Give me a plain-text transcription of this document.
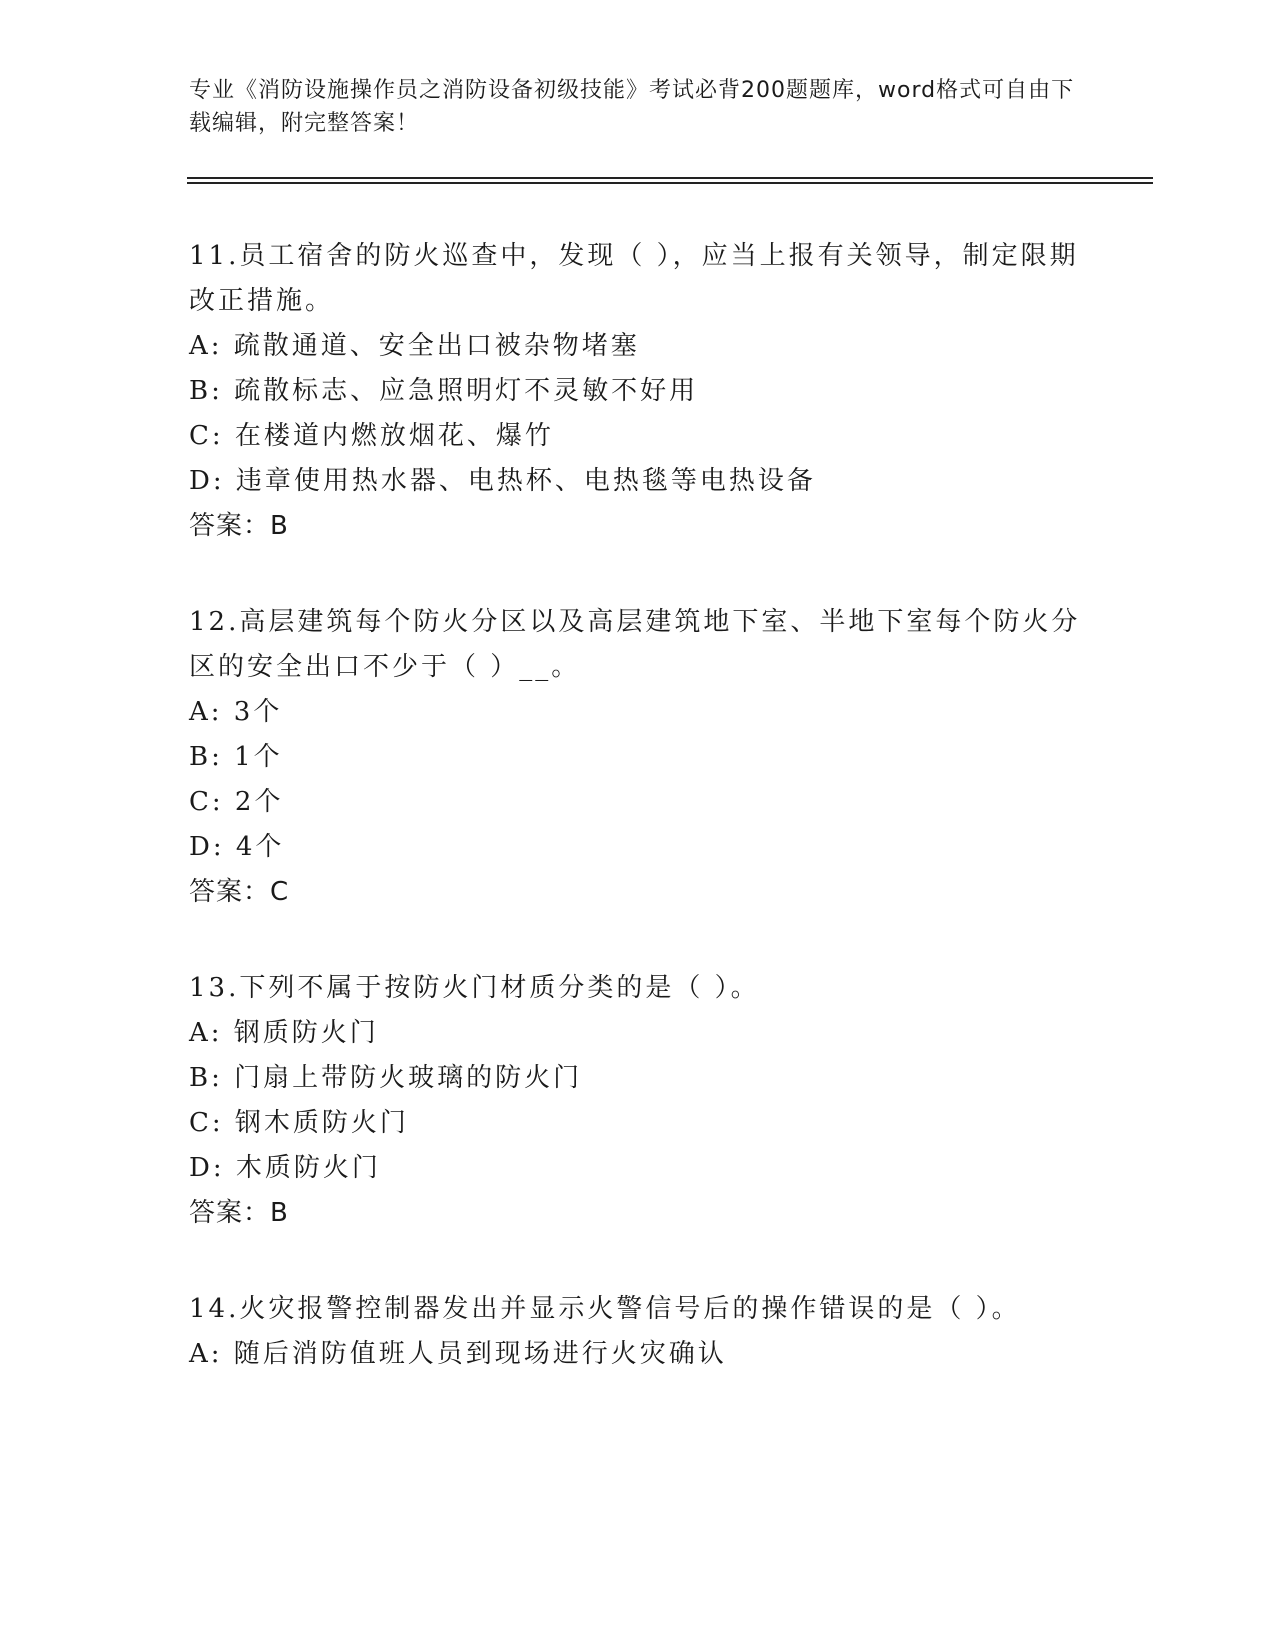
专业《消防设施操作员之消防设备初级技能》考试必背200题题库，word格式可自由下载编辑，附完整答案！
11.员工宿舍的防火巡查中，发现（ ），应当上报有关领导，制定限期改正措施。
A: 疏散通道、安全出口被杂物堵塞
B: 疏散标志、应急照明灯不灵敏不好用
C: 在楼道内燃放烟花、爆竹
D: 违章使用热水器、电热杯、电热毯等电热设备
答案：B
12.高层建筑每个防火分区以及高层建筑地下室、半地下室每个防火分区的安全出口不少于（ ）__。
A: 3个
B: 1个
C: 2个
D: 4个
答案：C
13.下列不属于按防火门材质分类的是（ ）。
A: 钢质防火门
B: 门扇上带防火玻璃的防火门
C: 钢木质防火门
D: 木质防火门
答案：B
14.火灾报警控制器发出并显示火警信号后的操作错误的是（ ）。
A: 随后消防值班人员到现场进行火灾确认
